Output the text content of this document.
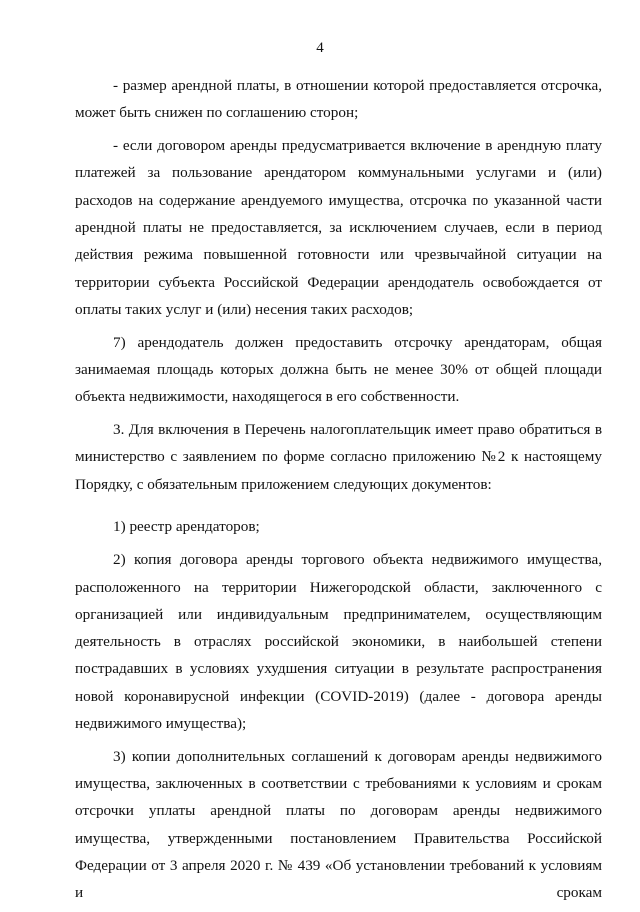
4

- размер арендной платы, в отношении которой предоставляется отсрочка, может быть снижен по соглашению сторон;

- если договором аренды предусматривается включение в арендную плату платежей за пользование арендатором коммунальными услугами и (или) расходов на содержание арендуемого имущества, отсрочка по указанной части арендной платы не предоставляется, за исключением случаев, если в период действия режима повышенной готовности или чрезвычайной ситуации на территории субъекта Российской Федерации арендодатель освобождается от оплаты таких услуг и (или) несения таких расходов;

7) арендодатель должен предоставить отсрочку арендаторам, общая занимаемая площадь которых должна быть не менее 30% от общей площади объекта недвижимости, находящегося в его собственности.

3. Для включения в Перечень налогоплательщик имеет право обратиться в министерство с заявлением по форме согласно приложению №2 к настоящему Порядку, с обязательным приложением следующих документов:

1) реестр арендаторов;

2) копия договора аренды торгового объекта недвижимого имущества, расположенного на территории Нижегородской области, заключенного с организацией или индивидуальным предпринимателем, осуществляющим деятельность в отраслях российской экономики, в наибольшей степени пострадавших в условиях ухудшения ситуации в результате распространения новой коронавирусной инфекции (COVID-2019) (далее - договора аренды недвижимого имущества);

3) копии дополнительных соглашений к договорам аренды недвижимого имущества, заключенных в соответствии с требованиями к условиям и срокам отсрочки уплаты арендной платы по договорам аренды недвижимого имущества, утвержденными постановлением Правительства Российской Федерации от 3 апреля 2020 г. № 439 «Об установлении требований к условиям и срокам
